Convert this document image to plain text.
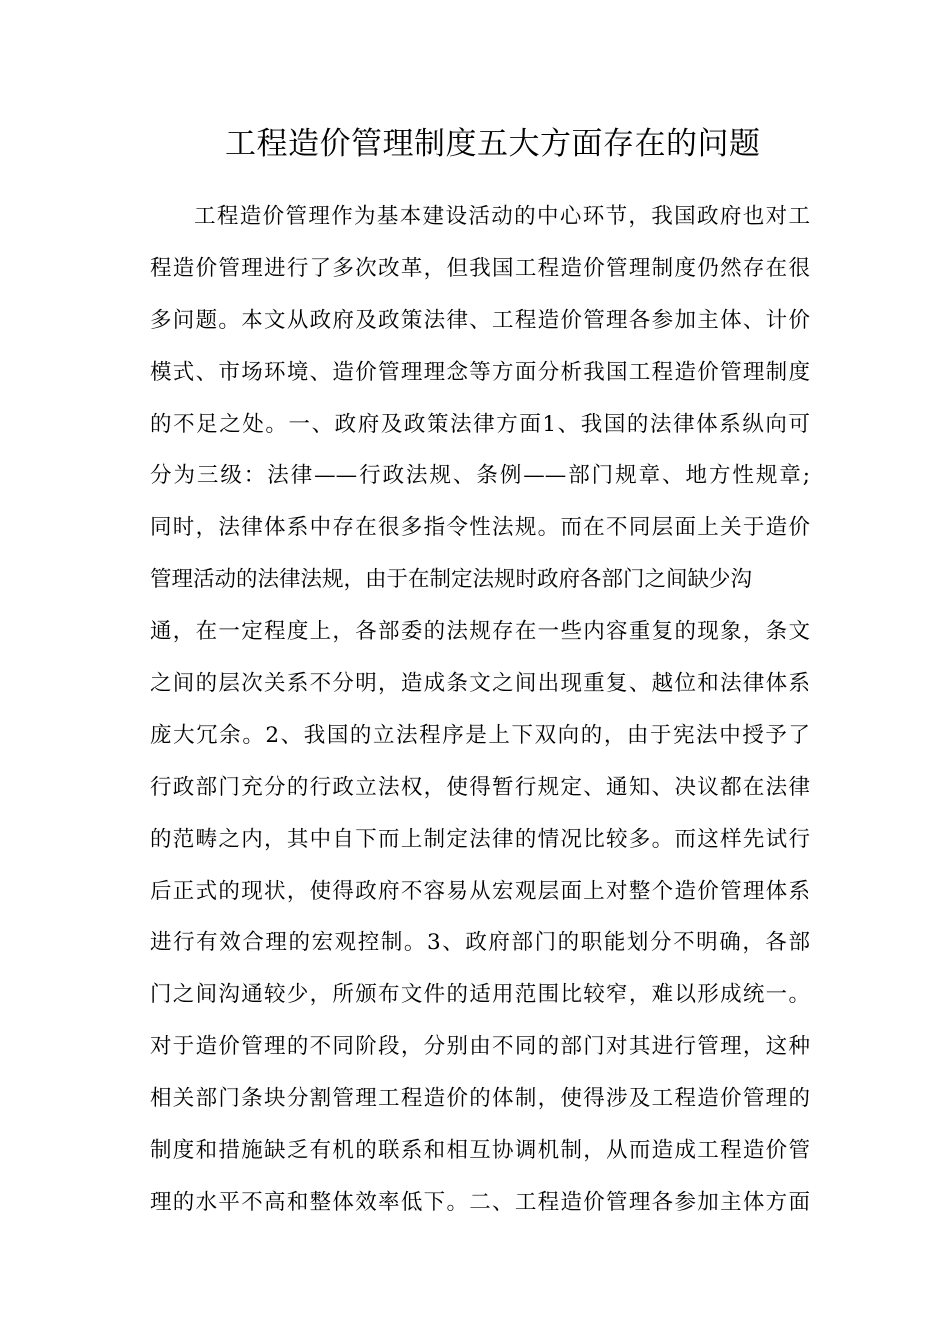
工程造价管理制度五大方面存在的问题
工程造价管理作为基本建设活动的中心环节，我国政府也对工
程造价管理进行了多次改革，但我国工程造价管理制度仍然存在很
多问题。本文从政府及政策法律、工程造价管理各参加主体、计价
模式、市场环境、造价管理理念等方面分析我国工程造价管理制度
的不足之处。一、政府及政策法律方面1、我国的法律体系纵向可
分为三级：法律——行政法规、条例——部门规章、地方性规章;
同时，法律体系中存在很多指令性法规。而在不同层面上关于造价
管理活动的法律法规，由于在制定法规时政府各部门之间缺少沟
通，在一定程度上，各部委的法规存在一些内容重复的现象，条文
之间的层次关系不分明，造成条文之间出现重复、越位和法律体系
庞大冗余。2、我国的立法程序是上下双向的，由于宪法中授予了
行政部门充分的行政立法权，使得暂行规定、通知、决议都在法律
的范畴之内，其中自下而上制定法律的情况比较多。而这样先试行
后正式的现状，使得政府不容易从宏观层面上对整个造价管理体系
进行有效合理的宏观控制。3、政府部门的职能划分不明确，各部
门之间沟通较少，所颁布文件的适用范围比较窄，难以形成统一。
对于造价管理的不同阶段，分别由不同的部门对其进行管理，这种
相关部门条块分割管理工程造价的体制，使得涉及工程造价管理的
制度和措施缺乏有机的联系和相互协调机制，从而造成工程造价管
理的水平不高和整体效率低下。二、工程造价管理各参加主体方面
